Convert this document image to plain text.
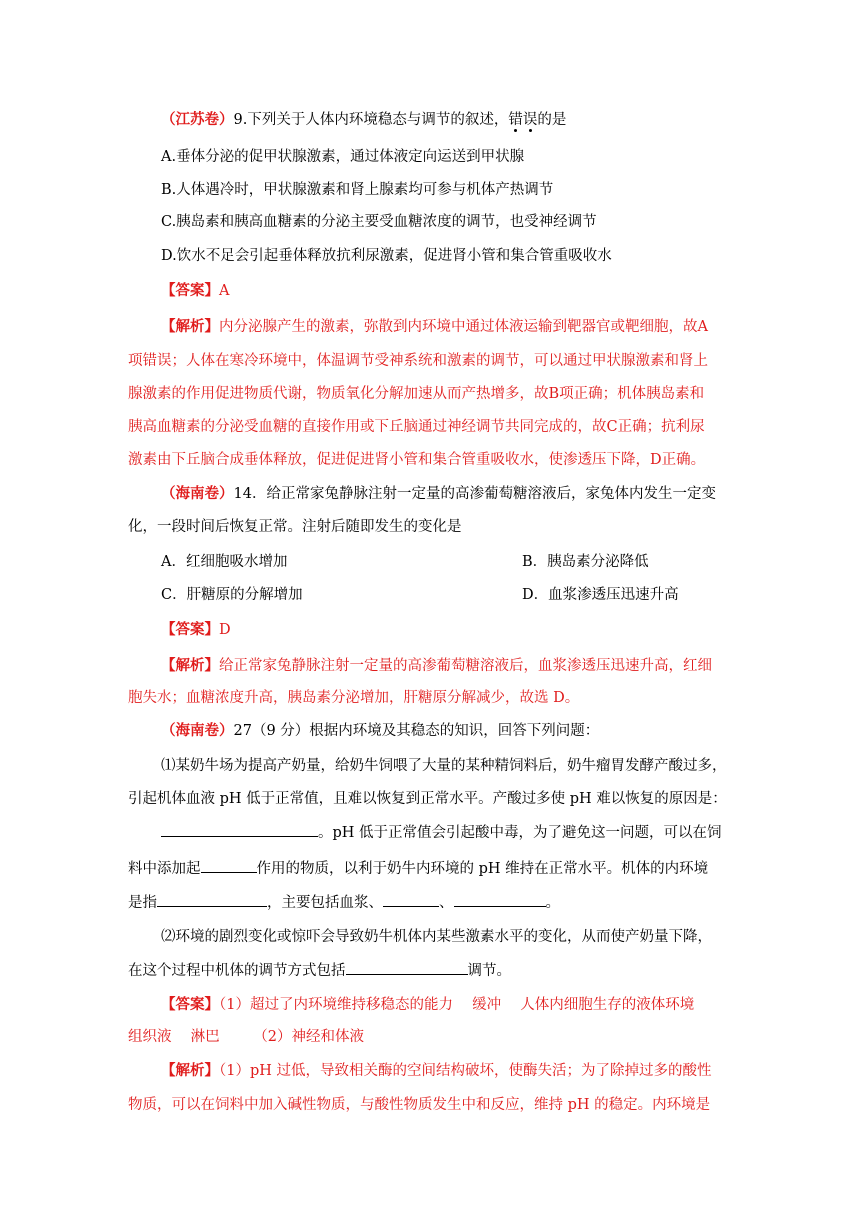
（江苏卷）9.下列关于人体内环境稳态与调节的叙述，错误的是
A.垂体分泌的促甲状腺激素，通过体液定向运送到甲状腺
B.人体遇冷时，甲状腺激素和肾上腺素均可参与机体产热调节
C.胰岛素和胰高血糖素的分泌主要受血糖浓度的调节，也受神经调节
D.饮水不足会引起垂体释放抗利尿激素，促进肾小管和集合管重吸收水
【答案】A
【解析】内分泌腺产生的激素，弥散到内环境中通过体液运输到靶器官或靶细胞，故A
项错误；人体在寒冷环境中，体温调节受神系统和激素的调节，可以通过甲状腺激素和肾上
腺激素的作用促进物质代谢，物质氧化分解加速从而产热增多，故B项正确；机体胰岛素和
胰高血糖素的分泌受血糖的直接作用或下丘脑通过神经调节共同完成的，故C正确；抗利尿
激素由下丘脑合成垂体释放，促进促进肾小管和集合管重吸收水，使渗透压下降，D正确。
（海南卷）14．给正常家兔静脉注射一定量的高渗葡萄糖溶液后，家兔体内发生一定变
化，一段时间后恢复正常。注射后随即发生的变化是
A．红细胞吸水增加	B．胰岛素分泌降低
C．肝糖原的分解增加	D．血浆渗透压迅速升高
【答案】D
【解析】给正常家兔静脉注射一定量的高渗葡萄糖溶液后，血浆渗透压迅速升高，红细
胞失水；血糖浓度升高，胰岛素分泌增加，肝糖原分解减少，故选 D。
（海南卷）27（9 分）根据内环境及其稳态的知识，回答下列问题：
⑴某奶牛场为提高产奶量，给奶牛饲喂了大量的某种精饲料后，奶牛瘤胃发酵产酸过多，
引起机体血液 pH 低于正常值，且难以恢复到正常水平。产酸过多使 pH 难以恢复的原因是：
。pH 低于正常值会引起酸中毒，为了避免这一问题，可以在饲
料中添加起	作用的物质，以利于奶牛内环境的 pH 维持在正常水平。机体的内环境
是指	，主要包括血浆、	、	。
⑵环境的剧烈变化或惊吓会导致奶牛机体内某些激素水平的变化，从而使产奶量下降，
在这个过程中机体的调节方式包括	调节。
【答案】（1）超过了内环境维持移稳态的能力　 缓冲　 人体内细胞生存的液体环境
组织液　 淋巴　　 （2）神经和体液
【解析】（1）pH 过低，导致相关酶的空间结构破坏，使酶失活；为了除掉过多的酸性
物质，可以在饲料中加入碱性物质，与酸性物质发生中和反应，维持 pH 的稳定。内环境是
